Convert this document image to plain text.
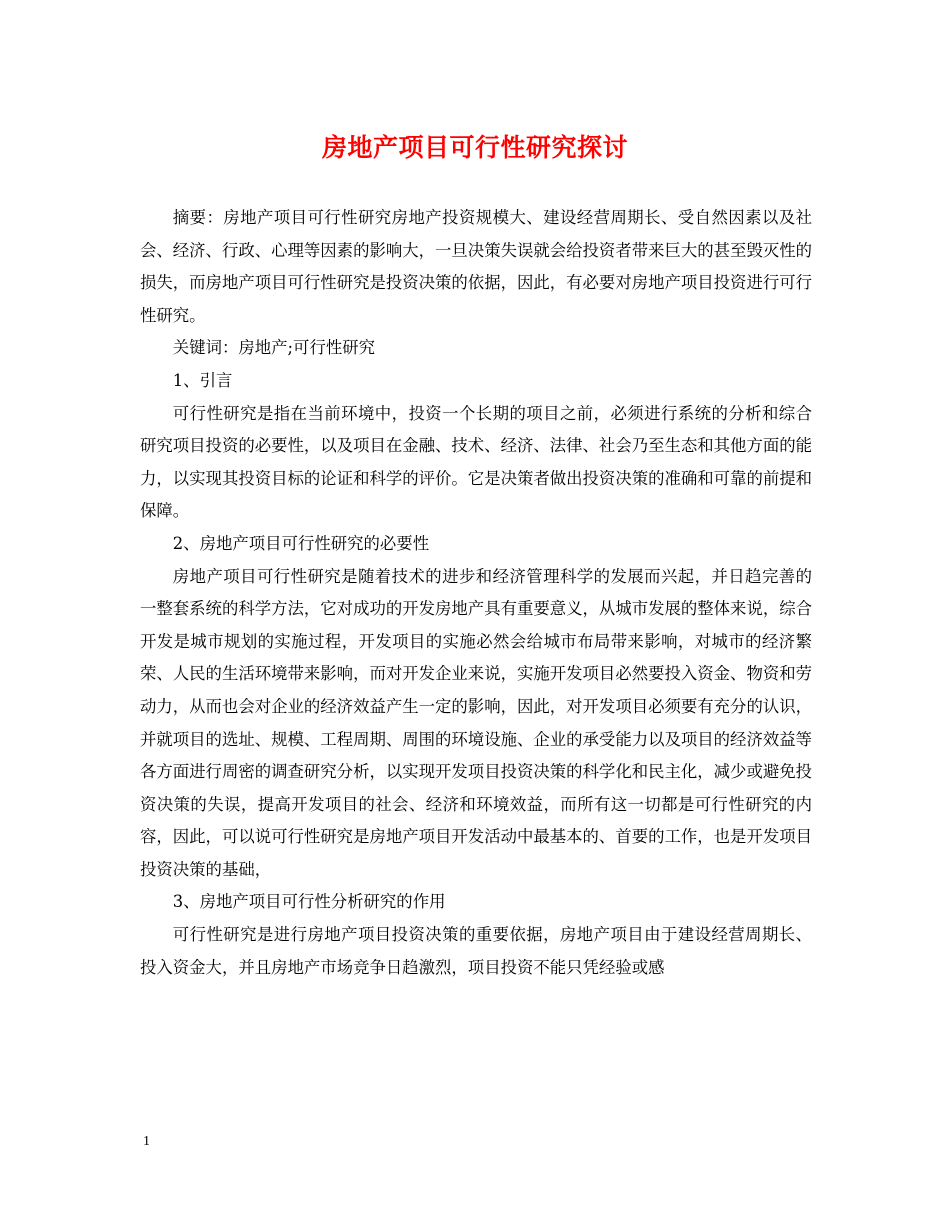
房地产项目可行性研究探讨

摘要：房地产项目可行性研究房地产投资规模大、建设经营周期长、受自然因素以及社会、经济、行政、心理等因素的影响大，一旦决策失误就会给投资者带来巨大的甚至毁灭性的损失，而房地产项目可行性研究是投资决策的依据，因此，有必要对房地产项目投资进行可行性研究。

关键词：房地产;可行性研究

1、引言

可行性研究是指在当前环境中，投资一个长期的项目之前，必须进行系统的分析和综合研究项目投资的必要性，以及项目在金融、技术、经济、法律、社会乃至生态和其他方面的能力，以实现其投资目标的论证和科学的评价。它是决策者做出投资决策的准确和可靠的前提和保障。

2、房地产项目可行性研究的必要性

房地产项目可行性研究是随着技术的进步和经济管理科学的发展而兴起，并日趋完善的一整套系统的科学方法，它对成功的开发房地产具有重要意义，从城市发展的整体来说，综合开发是城市规划的实施过程，开发项目的实施必然会给城市布局带来影响，对城市的经济繁荣、人民的生活环境带来影响，而对开发企业来说，实施开发项目必然要投入资金、物资和劳动力，从而也会对企业的经济效益产生一定的影响，因此，对开发项目必须要有充分的认识，并就项目的选址、规模、工程周期、周围的环境设施、企业的承受能力以及项目的经济效益等各方面进行周密的调查研究分析，以实现开发项目投资决策的科学化和民主化，减少或避免投资决策的失误，提高开发项目的社会、经济和环境效益，而所有这一切都是可行性研究的内容，因此，可以说可行性研究是房地产项目开发活动中最基本的、首要的工作，也是开发项目投资决策的基础，

3、房地产项目可行性分析研究的作用

可行性研究是进行房地产项目投资决策的重要依据，房地产项目由于建设经营周期长、投入资金大，并且房地产市场竞争日趋激烈，项目投资不能只凭经验或感

1
